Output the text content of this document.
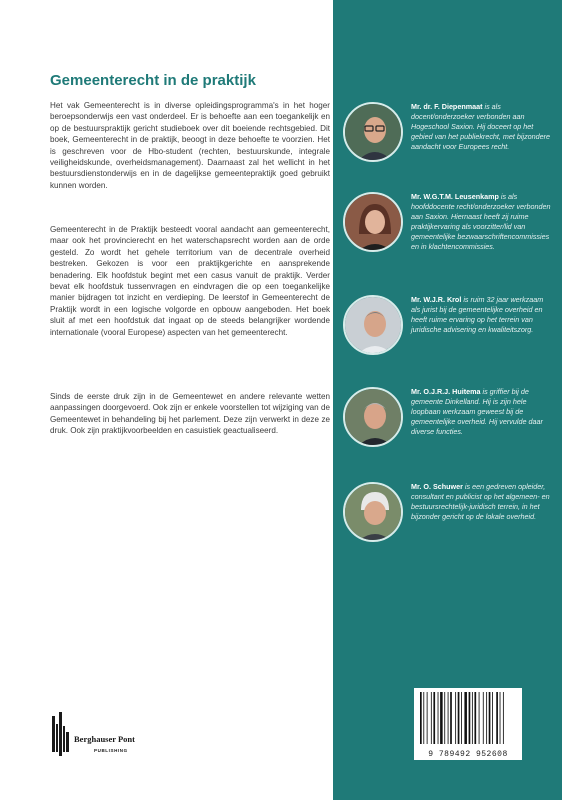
Gemeenterecht in de praktijk

Het vak Gemeenterecht is in diverse opleidingsprogramma's in het hoger beroepsonderwijs een vast onderdeel. Er is behoefte aan een toegankelijk en op de bestuurspraktijk gericht studieboek over dit boeiende rechtsgebied. Dit boek, Gemeenterecht in de praktijk, beoogt in deze behoefte te voorzien. Het is geschreven voor de Hbo-student (rechten, bestuurskunde, integrale veiligheidskunde, overheidsmanagement). Daarnaast zal het wellicht in het bestuursdienstonderwijs en in de dagelijkse gemeentepraktijk goed gebruikt kunnen worden.

Gemeenterecht in de Praktijk besteedt vooral aandacht aan gemeenterecht, maar ook het provincierecht en het waterschapsrecht worden aan de orde gesteld. Zo wordt het gehele territorium van de decentrale overheid bestreken. Gekozen is voor een praktijkgerichte en aansprekende benadering. Elk hoofdstuk begint met een casus vanuit de praktijk. Verder bevat elk hoofdstuk tussenvragen en eindvragen die op een toegankelijke manier bijdragen tot inzicht en verdieping. De leerstof in Gemeenterecht de Praktijk wordt in een logische volgorde en opbouw aangeboden. Het boek sluit af met een hoofdstuk dat ingaat op de steeds belangrijker wordende internationale (vooral Europese) aspecten van het gemeenterecht.

Sinds de eerste druk zijn in de Gemeentewet en andere relevante wetten aanpassingen doorgevoerd. Ook zijn er enkele voorstellen tot wijziging van de Gemeentewet in behandeling bij het parlement. Deze zijn verwerkt in deze ze druk. Ook zijn praktijkvoorbeelden en casuistiek geactualiseerd.

Berghauser Pont
PUBLISHING

Mr. dr. F. Diepenmaat is als docent/onderzoeker verbonden aan Hogeschool Saxion. Hij doceert op het gebied van het publiekrecht, met bijzondere aandacht voor Europees recht.

Mr. W.G.T.M. Leusenkamp is als hoofddocente recht/onderzoeker verbonden aan Saxion. Hiernaast heeft zij ruime praktijkervaring als voorzitter/lid van gemeentelijke bezwaarschriftencommissies en in klachtencommissies.

Mr. W.J.R. Krol is ruim 32 jaar werkzaam als jurist bij de gemeentelijke overheid en heeft ruime ervaring op het terrein van juridische advisering en kwaliteitszorg.

Mr. O.J.R.J. Huitema is griffier bij de gemeente Dinkelland. Hij is zijn hele loopbaan werkzaam geweest bij de gemeentelijke overheid. Hij vervulde daar diverse functies.

Mr. O. Schuwer is een gedreven opleider, consultant en publicist op het algemeen- en bestuursrechtelijk-juridisch terrein, in het bijzonder gericht op de lokale overheid.

9 789492 952608
